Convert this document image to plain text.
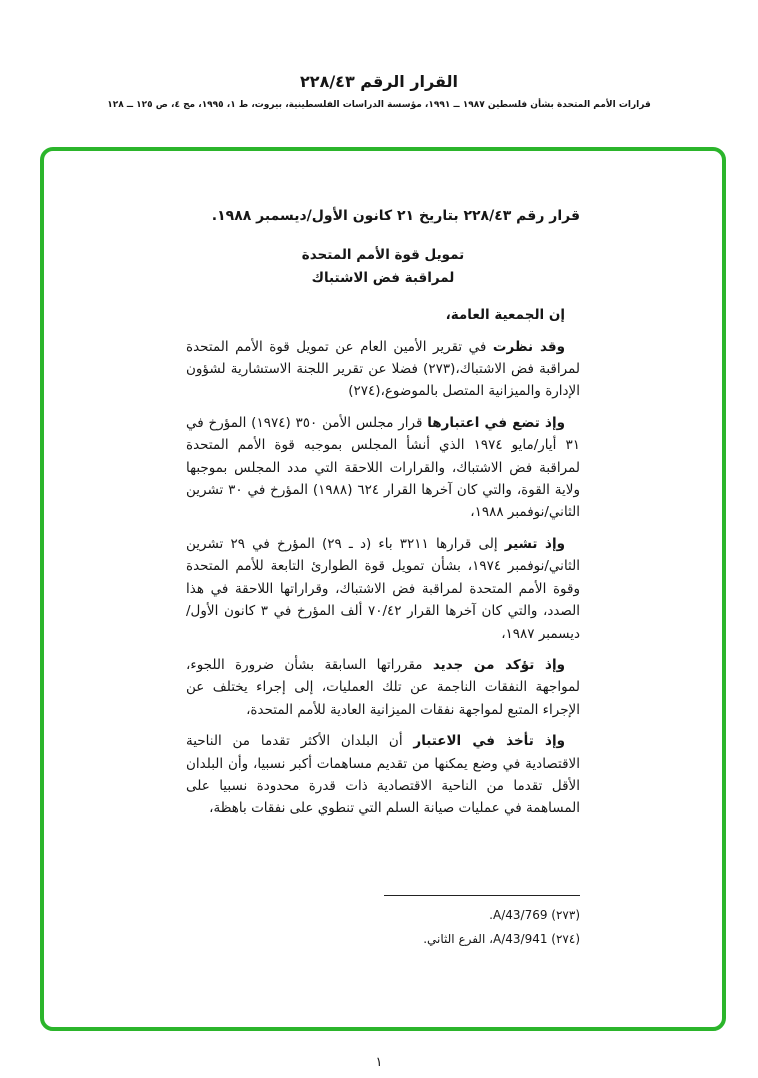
القرار الرقم ٢٢٨/٤٣
قرارات الأمم المتحدة بشأن فلسطين ١٩٨٧ ــ ١٩٩١، مؤسسة الدراسات الفلسطينية، بيروت، ط ١، ١٩٩٥، مج ٤، ص ١٢٥ ــ ١٢٨

قرار رقم ٢٢٨/٤٣ بتاريخ ٢١ كانون الأول/ديسمبر ١٩٨٨.

تمويل قوة الأمم المتحدة

لمراقبة فض الاشتباك

إن الجمعية العامة،

وقد نظرت في تقرير الأمين العام عن تمويل قوة الأمم المتحدة لمراقبة فض الاشتباك،(٢٧٣) فضلا عن تقرير اللجنة الاستشارية لشؤون الإدارة والميزانية المتصل بالموضوع،(٢٧٤)

وإذ تضع في اعتبارها قرار مجلس الأمن ٣٥٠ (١٩٧٤) المؤرخ في ٣١ أيار/مايو ١٩٧٤ الذي أنشأ المجلس بموجبه قوة الأمم المتحدة لمراقبة فض الاشتباك، والقرارات اللاحقة التي مدد المجلس بموجبها ولاية القوة، والتي كان آخرها القرار ٦٢٤ (١٩٨٨) المؤرخ في ٣٠ تشرين الثاني/نوفمبر ١٩٨٨،

وإذ تشير إلى قرارها ٣٢١١ باء (د ـ ٢٩) المؤرخ في ٢٩ تشرين الثاني/نوفمبر ١٩٧٤، بشأن تمويل قوة الطوارئ التابعة للأمم المتحدة وقوة الأمم المتحدة لمراقبة فض الاشتباك، وقراراتها اللاحقة في هذا الصدد، والتي كان آخرها القرار ٧٠/٤٢ ألف المؤرخ في ٣ كانون الأول/ديسمبر ١٩٨٧،

وإذ تؤكد من جديد مقرراتها السابقة بشأن ضرورة اللجوء، لمواجهة النفقات الناجمة عن تلك العمليات، إلى إجراء يختلف عن الإجراء المتبع لمواجهة نفقات الميزانية العادية للأمم المتحدة،

وإذ تأخذ في الاعتبار أن البلدان الأكثر تقدما من الناحية الاقتصادية في وضع يمكنها من تقديم مساهمات أكبر نسبيا، وأن البلدان الأقل تقدما من الناحية الاقتصادية ذات قدرة محدودة نسبيا على المساهمة في عمليات صيانة السلم التي تنطوي على نفقات باهظة،

(٢٧٣) A/43/769.

(٢٧٤) A/43/941، الفرع الثاني.

١
